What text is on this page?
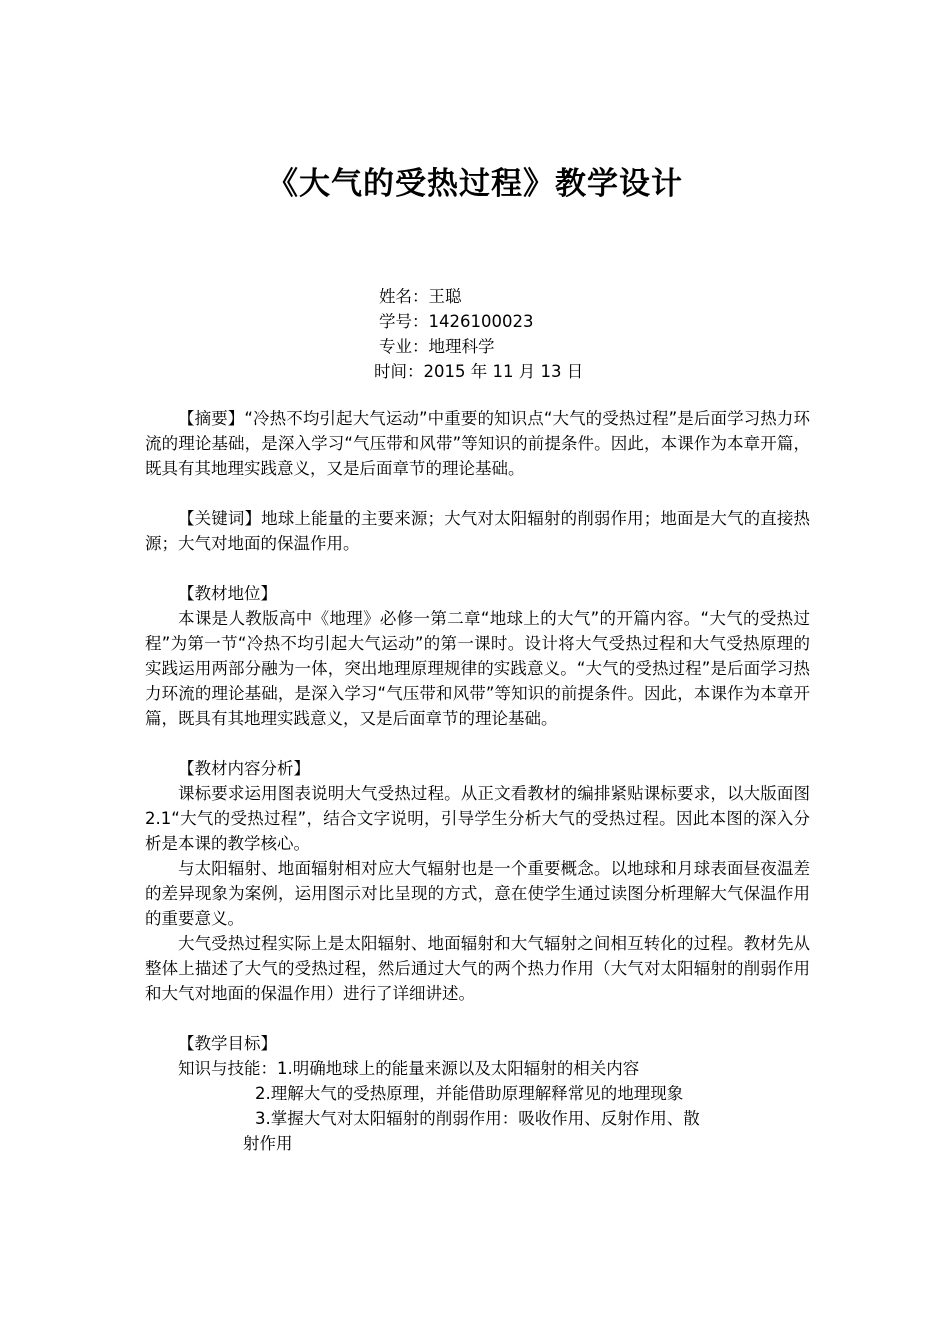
《大气的受热过程》教学设计
姓名：王聪
学号：1426100023
专业：地理科学
时间：2015 年 11 月 13 日

【摘要】“冷热不均引起大气运动”中重要的知识点“大气的受热过程”是后面学习热力环流的理论基础，是深入学习“气压带和风带”等知识的前提条件。因此，本课作为本章开篇，既具有其地理实践意义，又是后面章节的理论基础。

【关键词】地球上能量的主要来源；大气对太阳辐射的削弱作用；地面是大气的直接热源；大气对地面的保温作用。

【教材地位】

本课是人教版高中《地理》必修一第二章“地球上的大气”的开篇内容。“大气的受热过程”为第一节“冷热不均引起大气运动”的第一课时。设计将大气受热过程和大气受热原理的实践运用两部分融为一体，突出地理原理规律的实践意义。“大气的受热过程”是后面学习热力环流的理论基础，是深入学习“气压带和风带”等知识的前提条件。因此，本课作为本章开篇，既具有其地理实践意义，又是后面章节的理论基础。

【教材内容分析】

课标要求运用图表说明大气受热过程。从正文看教材的编排紧贴课标要求，以大版面图 2.1“大气的受热过程”，结合文字说明，引导学生分析大气的受热过程。因此本图的深入分析是本课的教学核心。

与太阳辐射、地面辐射相对应大气辐射也是一个重要概念。以地球和月球表面昼夜温差的差异现象为案例，运用图示对比呈现的方式，意在使学生通过读图分析理解大气保温作用的重要意义。

大气受热过程实际上是太阳辐射、地面辐射和大气辐射之间相互转化的过程。教材先从整体上描述了大气的受热过程，然后通过大气的两个热力作用（大气对太阳辐射的削弱作用和大气对地面的保温作用）进行了详细讲述。

【教学目标】

知识与技能：1.明确地球上的能量来源以及太阳辐射的相关内容

2.理解大气的受热原理，并能借助原理解释常见的地理现象

3.掌握大气对太阳辐射的削弱作用：吸收作用、反射作用、散

射作用
